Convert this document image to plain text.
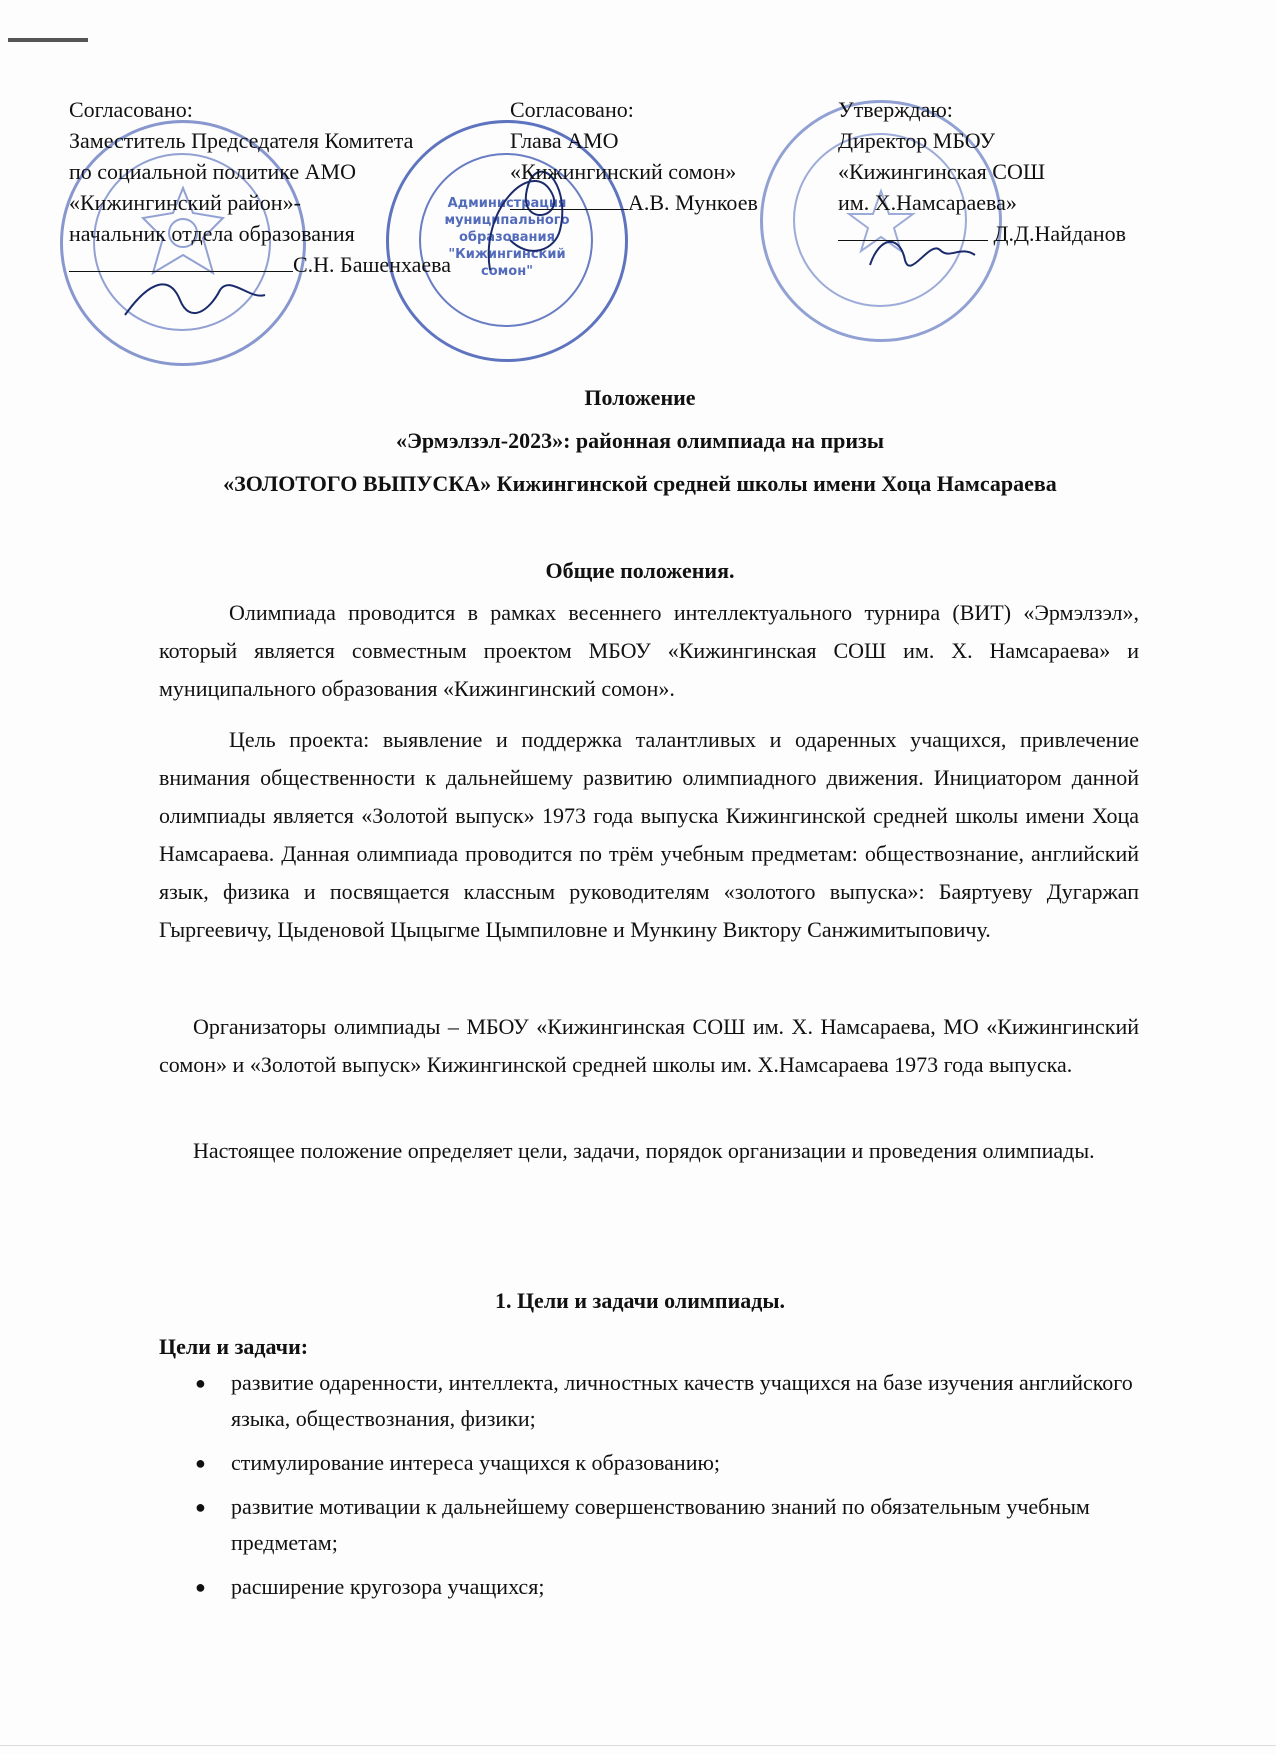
Администрация
муниципального
образования
"Кижингинский сомон"
Согласовано:
Заместитель Председателя Комитета
по социальной политике АМО
«Кижингинский район»-
начальник отдела образования
С.Н. Башенхаева
Согласовано:
Глава АМО
«Кижингинский сомон»
А.В. Мункоев
Утверждаю:
Директор МБОУ
«Кижингинская СОШ
им. Х.Намсараева»
Д.Д.Найданов
Положение
«Эрмэлзэл-2023»: районная олимпиада на призы
«ЗОЛОТОГО ВЫПУСКА» Кижингинской средней школы имени Хоца Намсараева
Общие положения.
Олимпиада проводится в рамках весеннего интеллектуального турнира (ВИТ) «Эрмэлзэл», который является совместным проектом МБОУ «Кижингинская СОШ им. Х. Намсараева» и муниципального образования «Кижингинский сомон».
Цель проекта: выявление и поддержка талантливых и одаренных учащихся, привлечение внимания общественности к дальнейшему развитию олимпиадного движения. Инициатором данной олимпиады является «Золотой выпуск» 1973 года выпуска Кижингинской средней школы имени Хоца Намсараева. Данная олимпиада проводится по трём учебным предметам: обществознание, английский язык, физика и посвящается классным руководителям «золотого выпуска»: Баяртуеву Дугаржап Гыргеевичу, Цыденовой Цыцыгме Цымпиловне и Мункину Виктору Санжимитыповичу.
Организаторы олимпиады – МБОУ «Кижингинская СОШ им. Х. Намсараева, МО «Кижингинский сомон» и «Золотой выпуск» Кижингинской средней школы им. Х.Намсараева 1973 года выпуска.
Настоящее положение определяет цели, задачи, порядок организации и проведения олимпиады.
1. Цели и задачи олимпиады.
Цели и задачи:
● развитие одаренности, интеллекта, личностных качеств учащихся на базе изучения английского языка, обществознания, физики;
● стимулирование интереса учащихся к образованию;
● развитие мотивации к дальнейшему совершенствованию знаний по обязательным учебным предметам;
● расширение кругозора учащихся;
